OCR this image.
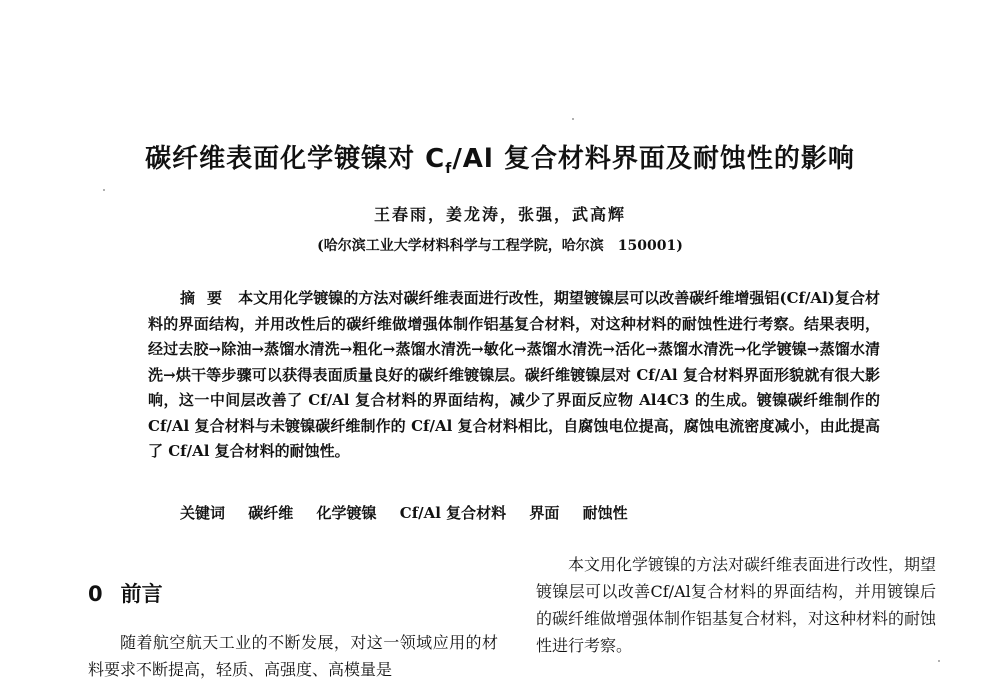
碳纤维表面化学镀镍对 $C_f/Al$ 复合材料界面及耐蚀性的影响
王春雨，姜龙涛，张强，武高辉
(哈尔滨工业大学材料科学与工程学院，哈尔滨　150001)

摘要 本文用化学镀镍的方法对碳纤维表面进行改性，期望镀镍层可以改善碳纤维增强铝(Cf/Al)复合材料的界面结构，并用改性后的碳纤维做增强体制作铝基复合材料，对这种材料的耐蚀性进行考察。结果表明，经过去胶→除油→蒸馏水清洗→粗化→蒸馏水清洗→敏化→蒸馏水清洗→活化→蒸馏水清洗→化学镀镍→蒸馏水清洗→烘干等步骤可以获得表面质量良好的碳纤维镀镍层。碳纤维镀镍层对 Cf/Al 复合材料界面形貌就有很大影响，这一中间层改善了 Cf/Al 复合材料的界面结构，减少了界面反应物 Al4C3 的生成。镀镍碳纤维制作的 Cf/Al 复合材料与未镀镍碳纤维制作的 Cf/Al 复合材料相比，自腐蚀电位提高，腐蚀电流密度减小，由此提高了 Cf/Al 复合材料的耐蚀性。

关键词 碳纤维 化学镀镍 Cf/Al 复合材料 界面 耐蚀性
0 前言

随着航空航天工业的不断发展，对这一领域应用的材料要求不断提高，轻质、高强度、高模量是

本文用化学镀镍的方法对碳纤维表面进行改性，期望镀镍层可以改善Cf/Al复合材料的界面结构，并用镀镍后的碳纤维做增强体制作铝基复合材料，对这种材料的耐蚀性进行考察。
